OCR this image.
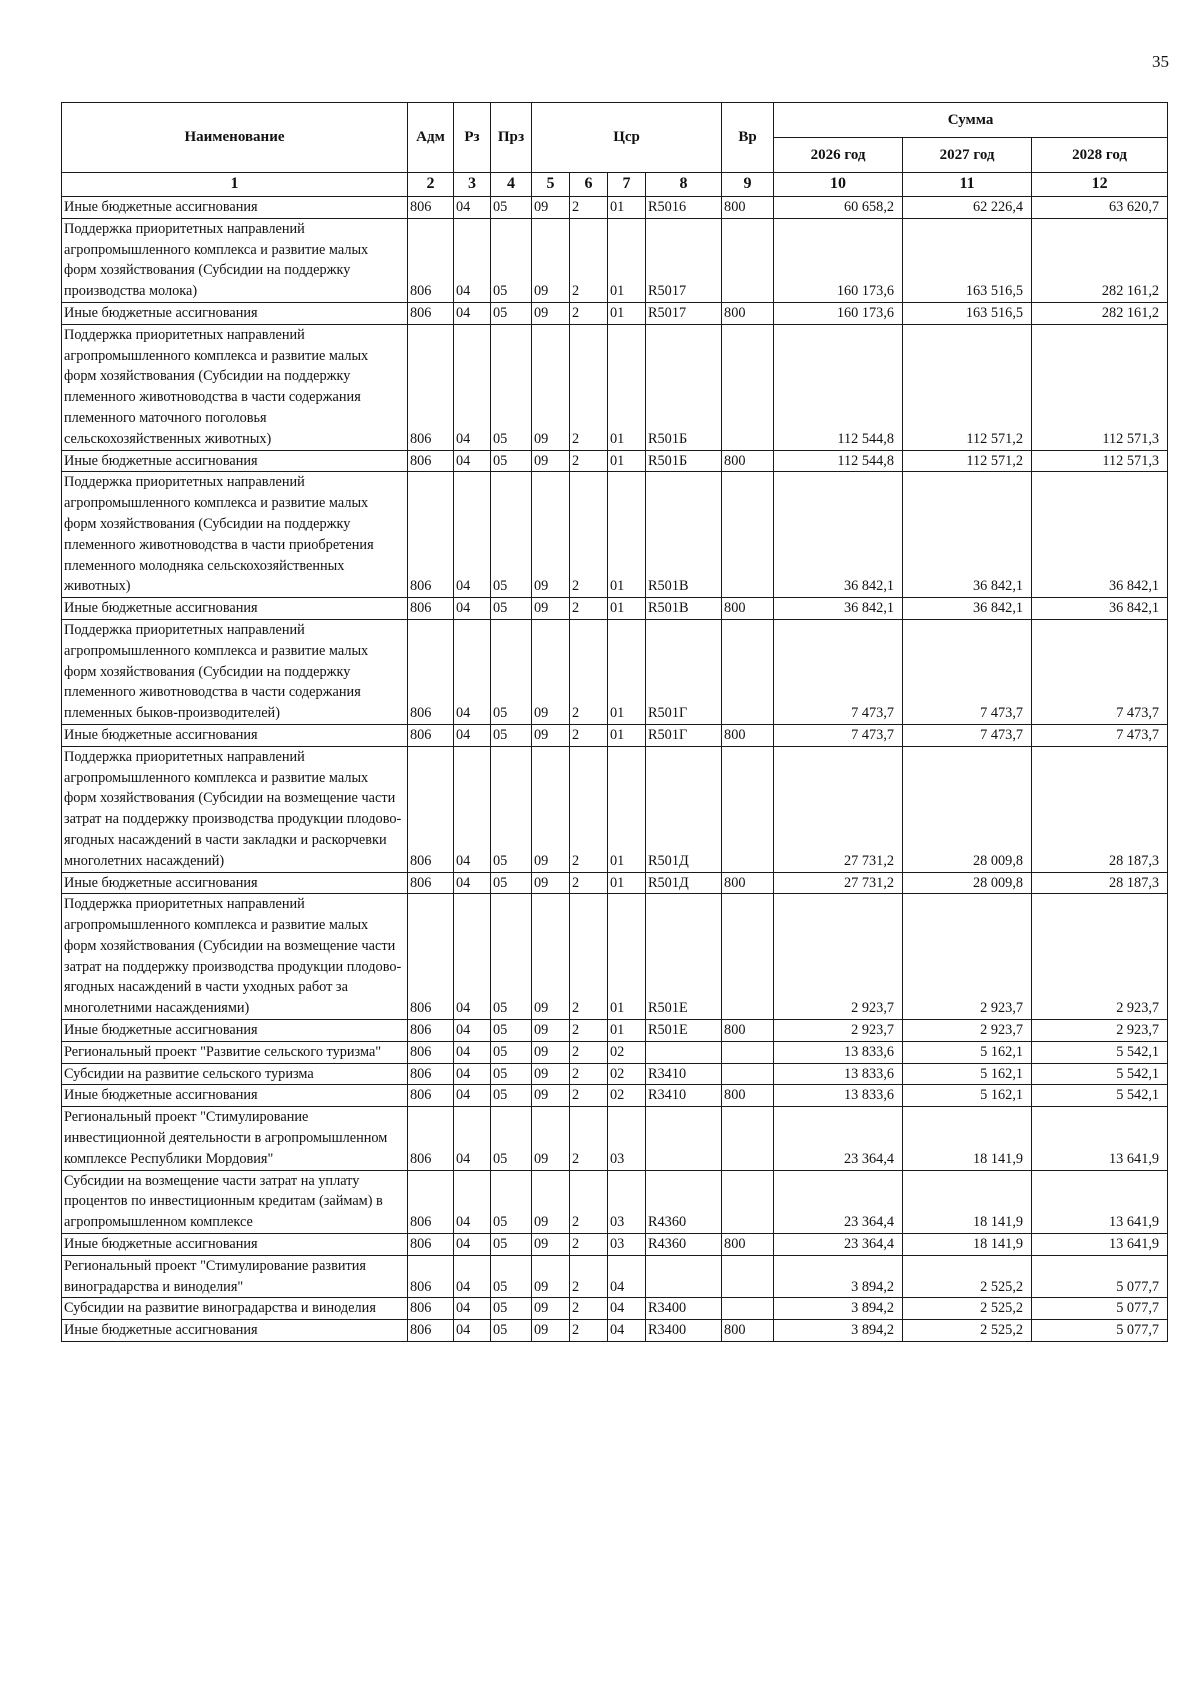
35
Наименование	Адм	Рз	Прз	Цср				Вр	Сумма		
									2026 год	2027 год	2028 год
1	2	3	4	5	6	7	8	9	10	11	12
Иные бюджетные ассигнования	806	04	05	09	2	01	R5016	800	60 658,2	62 226,4	63 620,7
Поддержка приоритетных направлений агропромышленного комплекса и развитие малых форм хозяйствования (Субсидии на поддержку производства молока)	806	04	05	09	2	01	R5017		160 173,6	163 516,5	282 161,2
Иные бюджетные ассигнования	806	04	05	09	2	01	R5017	800	160 173,6	163 516,5	282 161,2
Поддержка приоритетных направлений агропромышленного комплекса и развитие малых форм хозяйствования (Субсидии на поддержку племенного животноводства в части содержания племенного маточного поголовья сельскохозяйственных животных)	806	04	05	09	2	01	R501Б		112 544,8	112 571,2	112 571,3
Иные бюджетные ассигнования	806	04	05	09	2	01	R501Б	800	112 544,8	112 571,2	112 571,3
Поддержка приоритетных направлений агропромышленного комплекса и развитие малых форм хозяйствования (Субсидии на поддержку племенного животноводства в части приобретения племенного молодняка сельскохозяйственных животных)	806	04	05	09	2	01	R501В		36 842,1	36 842,1	36 842,1
Иные бюджетные ассигнования	806	04	05	09	2	01	R501В	800	36 842,1	36 842,1	36 842,1
Поддержка приоритетных направлений агропромышленного комплекса и развитие малых форм хозяйствования (Субсидии на поддержку племенного животноводства в части содержания племенных быков-производителей)	806	04	05	09	2	01	R501Г		7 473,7	7 473,7	7 473,7
Иные бюджетные ассигнования	806	04	05	09	2	01	R501Г	800	7 473,7	7 473,7	7 473,7
Поддержка приоритетных направлений агропромышленного комплекса и развитие малых форм хозяйствования (Субсидии на возмещение части затрат на поддержку производства продукции плодово-ягодных насаждений в части закладки и раскорчевки многолетних насаждений)	806	04	05	09	2	01	R501Д		27 731,2	28 009,8	28 187,3
Иные бюджетные ассигнования	806	04	05	09	2	01	R501Д	800	27 731,2	28 009,8	28 187,3
Поддержка приоритетных направлений агропромышленного комплекса и развитие малых форм хозяйствования (Субсидии на возмещение части затрат на поддержку производства продукции плодово-ягодных насаждений в части уходных работ за многолетними насаждениями)	806	04	05	09	2	01	R501Е		2 923,7	2 923,7	2 923,7
Иные бюджетные ассигнования	806	04	05	09	2	01	R501Е	800	2 923,7	2 923,7	2 923,7
Региональный проект "Развитие сельского туризма"	806	04	05	09	2	02			13 833,6	5 162,1	5 542,1
Субсидии на развитие сельского туризма	806	04	05	09	2	02	R3410		13 833,6	5 162,1	5 542,1
Иные бюджетные ассигнования	806	04	05	09	2	02	R3410	800	13 833,6	5 162,1	5 542,1
Региональный проект "Стимулирование инвестиционной деятельности в агропромышленном комплексе Республики Мордовия"	806	04	05	09	2	03			23 364,4	18 141,9	13 641,9
Субсидии на возмещение части затрат на уплату процентов по инвестиционным кредитам (займам) в агропромышленном комплексе	806	04	05	09	2	03	R4360		23 364,4	18 141,9	13 641,9
Иные бюджетные ассигнования	806	04	05	09	2	03	R4360	800	23 364,4	18 141,9	13 641,9
Региональный проект "Стимулирование развития виноградарства и виноделия"	806	04	05	09	2	04			3 894,2	2 525,2	5 077,7
Субсидии на развитие виноградарства и виноделия	806	04	05	09	2	04	R3400		3 894,2	2 525,2	5 077,7
Иные бюджетные ассигнования	806	04	05	09	2	04	R3400	800	3 894,2	2 525,2	5 077,7
